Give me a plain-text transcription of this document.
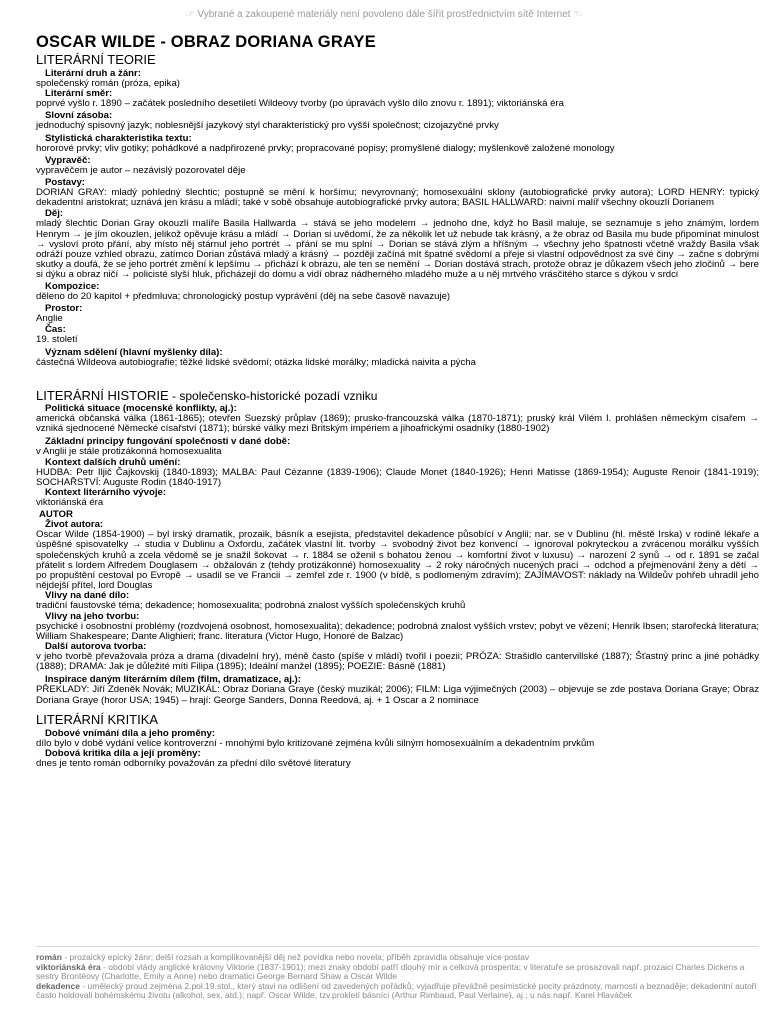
☞ Vybrané a zakoupené materiály není povoleno dále šířit prostřednictvím sítě Internet ☜
OSCAR WILDE - OBRAZ DORIANA GRAYE

LITERÁRNÍ TEORIE

Literární druh a žánr:

společenský román (próza, epika)

Literární směr:

poprvé vyšlo r. 1890 – začátek posledního desetiletí Wildeovy tvorby (po úpravách vyšlo dílo znovu r. 1891); viktoriánská éra

Slovní zásoba:

jednoduchý spisovný jazyk; noblesnější jazykový styl charakteristický pro vyšší společnost; cizojazyčné prvky

Stylistická charakteristika textu:

hororové prvky; vliv gotiky; pohádkové a nadpřirozené prvky; propracované popisy; promyšlené dialogy; myšlenkově založené monology

Vypravěč:

vypravěčem je autor – nezávislý pozorovatel děje

Postavy:

DORIAN GRAY: mladý pohledný šlechtic; postupně se mění k horšímu; nevyrovnaný; homosexuální sklony (autobiografické prvky autora); LORD HENRY: typický dekadentní aristokrat; uznává jen krásu a mládí; také v sobě obsahuje autobiografické prvky autora; BASIL HALLWARD: naivní malíř všechny okouzlí Dorianem

Děj:

mladý šlechtic Dorian Gray okouzlí malíře Basila Hallwarda → stává se jeho modelem → jednoho dne, když ho Basil maluje, se seznamuje s jeho známým, lordem Henrym → je jím okouzlen, jelikož opěvuje krásu a mládí → Dorian si uvědomí, že za několik let už nebude tak krásný, a že obraz od Basila mu bude připomínat minulost → vysloví proto přání, aby místo něj stárnul jeho portrét → přání se mu splní → Dorian se stává zlým a hříšným → všechny jeho špatnosti včetně vraždy Basila však odráží pouze vzhled obrazu, zatímco Dorian zůstává mladý a krásný → později začíná mít špatné svědomí a přeje si vlastní odpovědnost za své činy → začne s dobrými skutky a doufá, že se jeho portrét změní k lepšímu → přichází k obrazu, ale ten se nemění → Dorian dostává strach, protože obraz je důkazem všech jeho zločinů → bere si dýku a obraz ničí → policisté slyší hluk, přicházejí do domu a vidí obraz nádherného mladého muže a u něj mrtvého vrásčitého starce s dýkou v srdci

Kompozice:

děleno do 20 kapitol + předmluva; chronologický postup vyprávění (děj na sebe časově navazuje)

Prostor:

Anglie

Čas:

19. století

Význam sdělení (hlavní myšlenky díla):

částečná Wildeova autobiografie; těžké lidské svědomí; otázka lidské morálky; mladická naivita a pýcha

LITERÁRNÍ HISTORIE - společensko-historické pozadí vzniku

Politická situace (mocenské konflikty, aj.):

americká občanská válka (1861-1865); otevřen Suezský průplav (1869); prusko-francouzská válka (1870-1871); pruský král Vilém I. prohlášen německým císařem → vzniká sjednocené Německé císařství (1871); búrské války mezi Britským impériem a jihoafrickými osadníky (1880-1902)

Základní principy fungování společnosti v dané době:

v Anglii je stále protizákonná homosexualita

Kontext dalších druhů umění:

HUDBA: Petr Iljič Čajkovskij (1840-1893); MALBA: Paul Cézanne (1839-1906); Claude Monet (1840-1926); Henri Matisse (1869-1954); Auguste Renoir (1841-1919); SOCHAŘSTVÍ: Auguste Rodin (1840-1917)

Kontext literárního vývoje:

viktoriánská éra

AUTOR

Život autora:

Oscar Wilde (1854-1900) – byl irský dramatik, prozaik, básník a esejista, představitel dekadence působící v Anglii; nar. se v Dublinu (hl. městě Irska) v rodině lékaře a úspěšné spisovatelky → studia v Dublinu a Oxfordu, začátek vlastní lit. tvorby → svobodný život bez konvencí → ignoroval pokryteckou a zvrácenou morálku vyšších společenských kruhů a zcela vědomě se je snažil šokovat → r. 1884 se oženil s bohatou ženou → komfortní život v luxusu) → narození 2 synů → od r. 1891 se začal přátelit s lordem Alfredem Douglasem → obžalován z (tehdy protizákonné) homosexuality → 2 roky náročných nucených prací → odchod a přejmenování ženy a dětí → po propuštění cestoval po Evropě → usadil se ve Francii → zemřel zde r. 1900 (v bídě, s podlomeným zdravím); ZAJÍMAVOST: náklady na Wildeův pohřeb uhradil jeho nějdejší přítel, lord Douglas

Vlivy na dané dílo:

tradiční faustovské téma; dekadence; homosexualita; podrobná znalost vyšších společenských kruhů

Vlivy na jeho tvorbu:

psychické i osobnostní problémy (rozdvojená osobnost, homosexualita); dekadence; podrobná znalost vyšších vrstev; pobyt ve vězení; Henrik Ibsen; starořecká literatura; William Shakespeare; Dante Alighieri; franc. literatura (Victor Hugo, Honoré de Balzac)

Další autorova tvorba:

v jeho tvorbě převažovala próza a drama (divadelní hry), méně často (spíše v mládí) tvořil i poezii; PRÓZA: Strašidlo cantervillské (1887); Šťastný princ a jiné pohádky (1888); DRAMA: Jak je důležité míti Filipa (1895); Ideální manžel (1895); POEZIE: Básně (1881)

Inspirace daným literárním dílem (film, dramatizace, aj.):

PŘEKLADY: Jiří Zdeněk Novák; MUZIKÁL: Obraz Doriana Graye (český muzikál; 2006); FILM: Liga výjimečných (2003) – objevuje se zde postava Doriana Graye; Obraz Doriana Graye (horor USA; 1945) – hrají: George Sanders, Donna Reedová, aj. + 1 Oscar a 2 nominace

LITERÁRNÍ KRITIKA

Dobové vnímání díla a jeho proměny:

dílo bylo v době vydání velice kontroverzní - mnohými bylo kritizované zejména kvůli silným homosexuálním a dekadentním prvkům

Dobová kritika díla a její proměny:

dnes je tento román odborníky považován za přední dílo světové literatury

román - prozaický epický žánr; delší rozsah a komplikovanější děj než povídka nebo novela; příběh zpravidla obsahuje více postav

viktoriánská éra - období vlády anglické královny Viktorie (1837-1901); mezi znaky období patří dlouhý mír a celková prosperita; v literatuře se prosazovali např. prozaici Charles Dickens a sestry Brontëovy (Charlotte, Emily a Anne) nebo dramatici George Bernard Shaw a Oscar Wilde

dekadence - umělecký proud zejména 2.pol.19.stol., který stavi na odlišení od zavedených pořádků; vyjadřuje převážně pesimistické pocity prázdnoty, marnosti a beznaděje; dekadentní autoři často holdovali bohémskému životu (alkohol, sex, atd.); např. Oscar Wilde, tzv.prokletí básníci (Arthur Rimbaud, Paul Verlaine), aj.; u nás např. Karel Hlaváček
